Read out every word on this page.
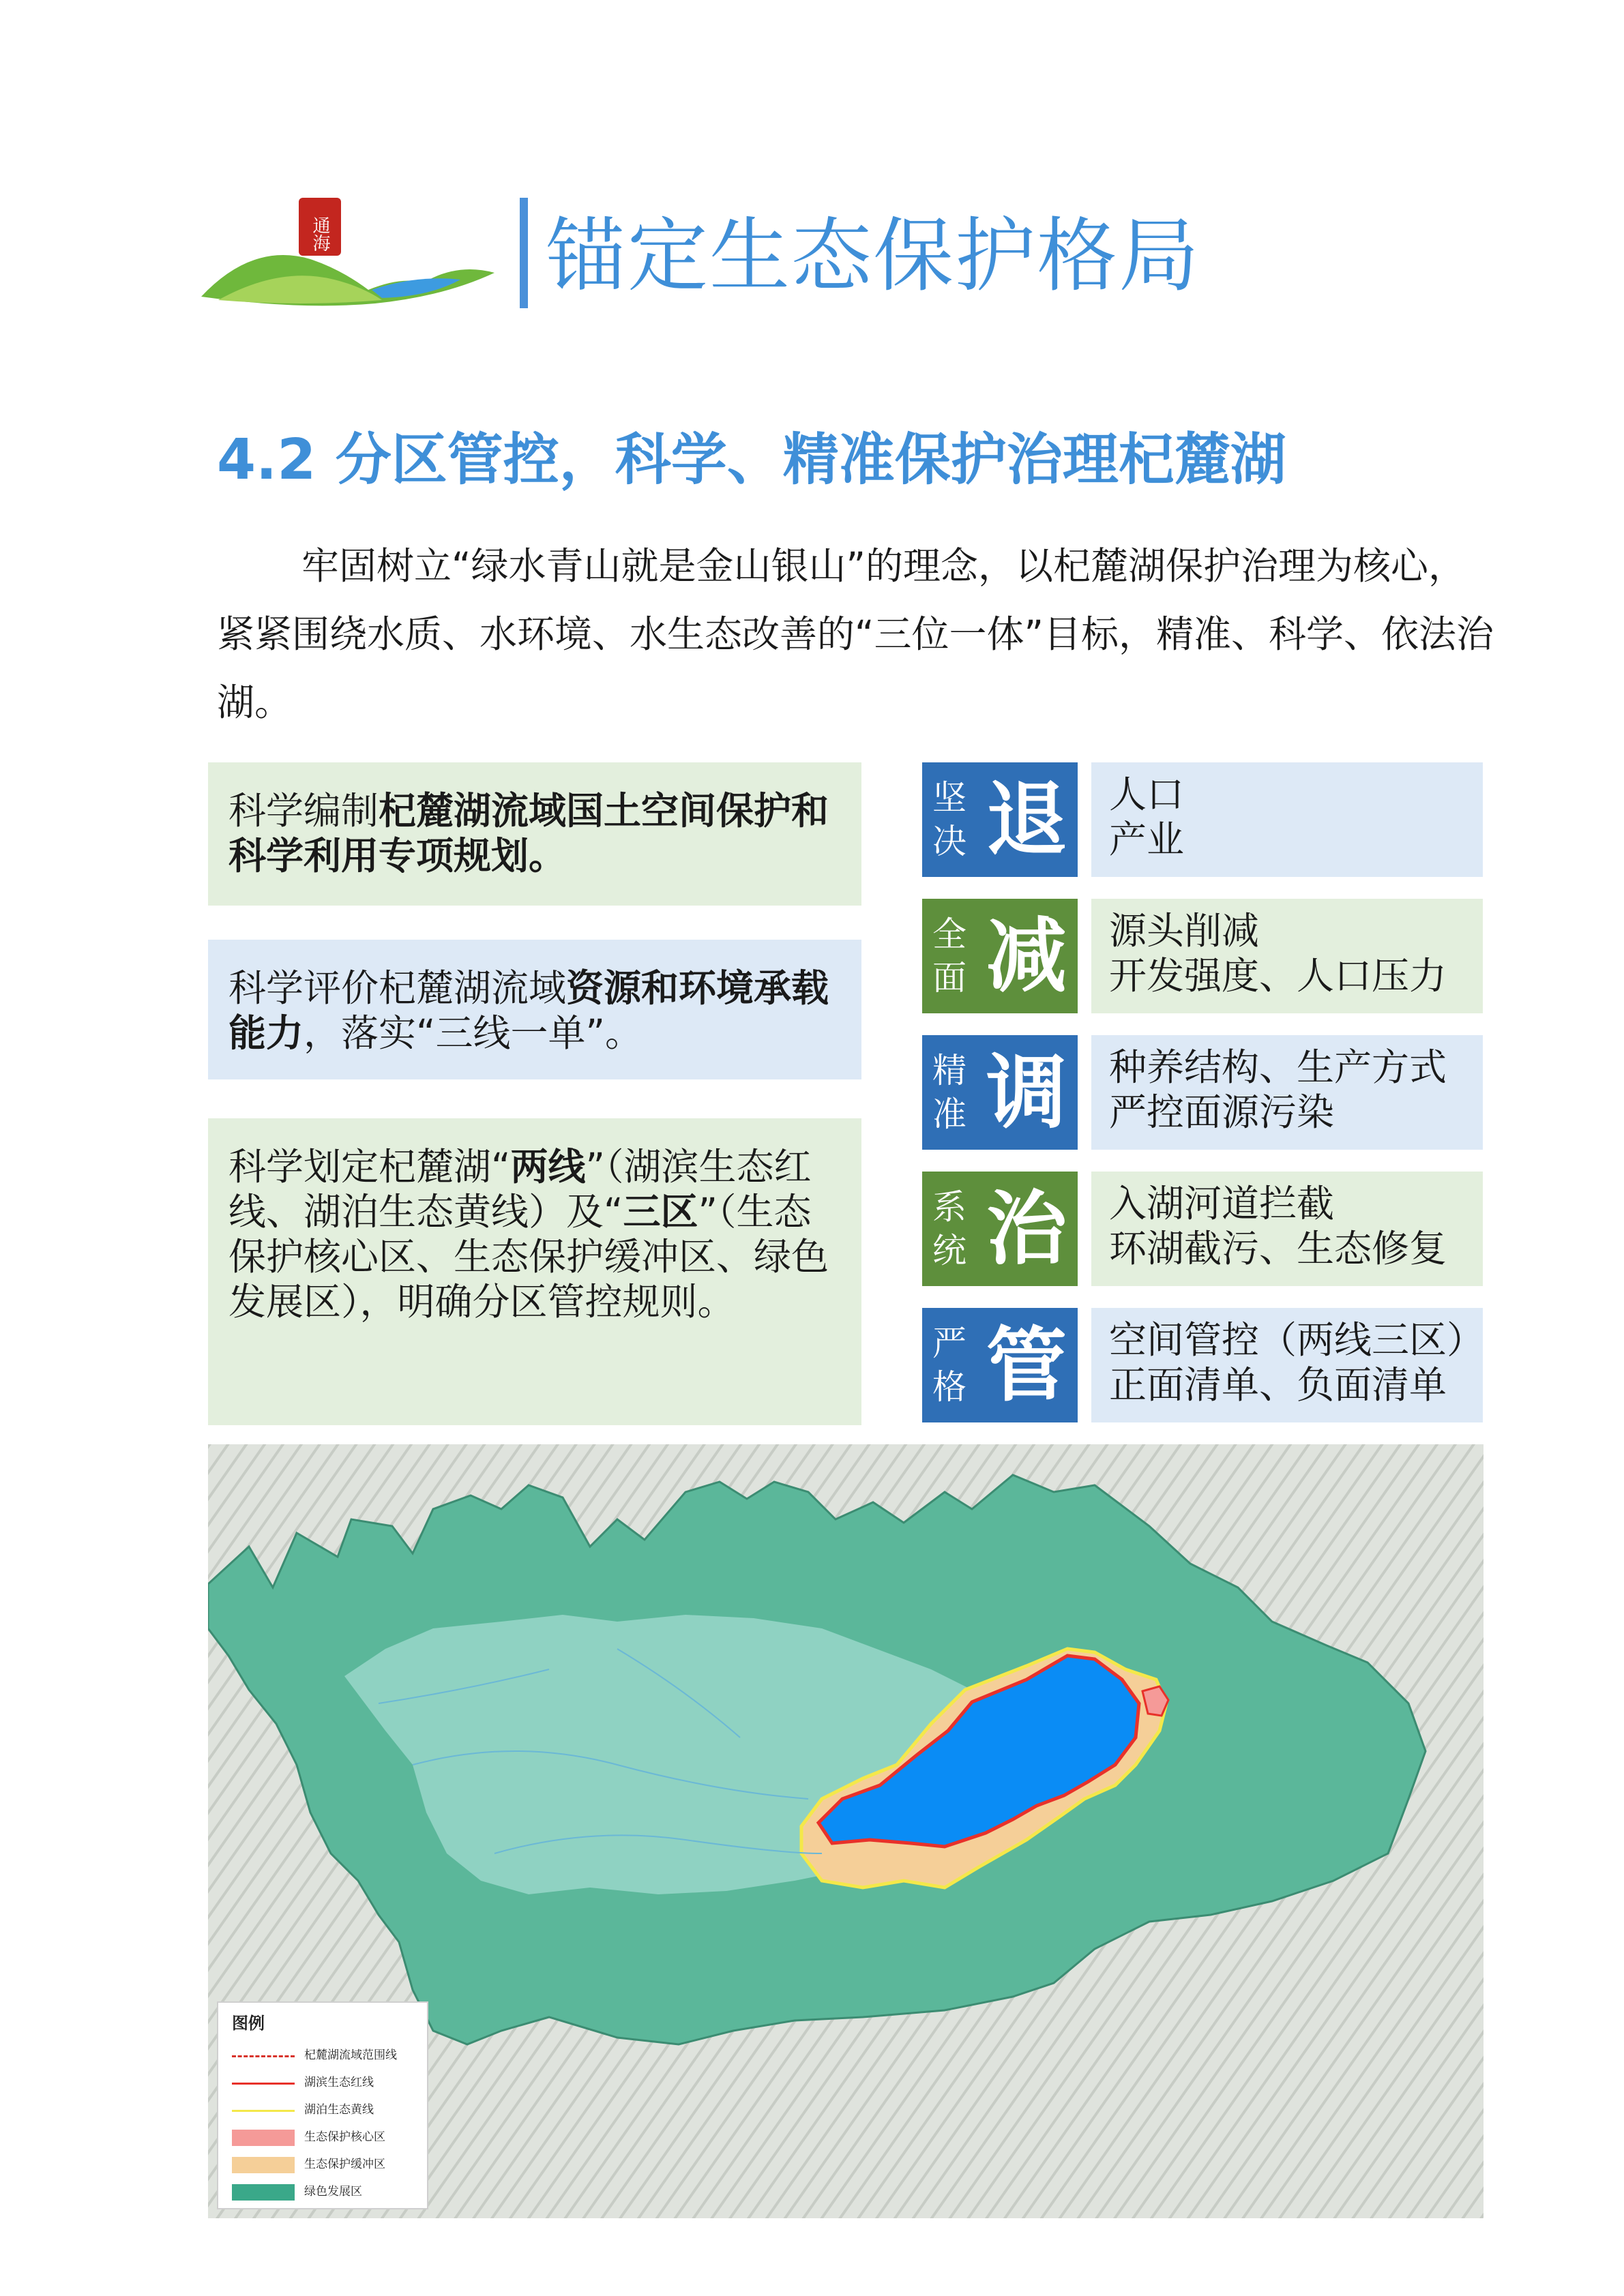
通海	锚定生态保护格局
4.2 分区管控，科学、精准保护治理杞麓湖

牢固树立“绿水青山就是金山银山”的理念，以杞麓湖保护治理为核心，紧紧围绕水质、水环境、水生态改善的“三位一体”目标，精准、科学、依法治湖。

科学编制杞麓湖流域国土空间保护和科学利用专项规划。
科学评价杞麓湖流域资源和环境承载能力，落实“三线一单”。
科学划定杞麓湖“两线”（湖滨生态红线、湖泊生态黄线）及“三区”（生态保护核心区、生态保护缓冲区、绿色发展区），明确分区管控规则。
坚
决 退 人口
产业
全
面 减 源头削减
开发强度、人口压力
精
准 调 种养结构、生产方式
严控面源污染
系
统 治 入湖河道拦截
环湖截污、生态修复
严
格 管 空间管控（两线三区）
正面清单、负面清单
图例
杞麓湖流域范围线
湖滨生态红线
湖泊生态黄线
生态保护核心区
生态保护缓冲区
绿色发展区
